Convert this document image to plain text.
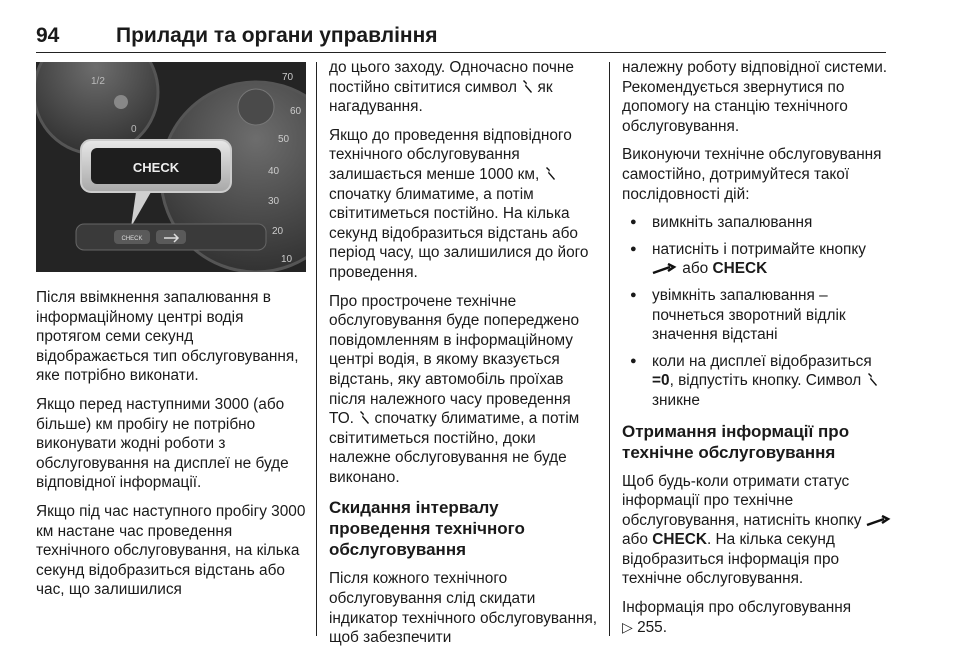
94	Прилади та органи управління
1/2
0
70
60
50
40
30
20
10
CHECK
CHECK

Після ввімкнення запалювання в інформаційному центрі водія протягом семи секунд відображається тип обслуговування, яке потрібно виконати.

Якщо перед наступними 3000 (або більше) км пробігу не потрібно виконувати жодні роботи з обслуговування на дисплеї не буде відповідної інформації.

Якщо під час наступного пробігу 3000 км настане час проведення технічного обслуговування, на кілька секунд відобразиться відстань або час, що залишилися

до цього заходу. Одночасно почне постійно світитися символ як нагадування.

Якщо до проведення відповідного технічного обслуговування залишається менше 1000 км,  спочатку блиматиме, а потім світитиметься постійно. На кілька секунд відобразиться відстань або період часу, що залишилися до його проведення.

Про прострочене технічне обслуговування буде попереджено повідомленням в інформаційному центрі водія, в якому вказується відстань, яку автомобіль проїхав після належного часу проведення ТО. спочатку блиматиме, а потім світитиметься постійно, доки належне обслуговування не буде виконано.

Скидання інтервалу проведення технічного обслуговування

Після кожного технічного обслуговування слід скидати індикатор технічного обслуговування, щоб забезпечити

належну роботу відповідної системи. Рекомендується звернутися по допомогу на станцію технічного обслуговування.

Виконуючи технічне обслуговування самостійно, дотримуйтеся такої послідовності дій:

● вимкніть запалювання
● натисніть і потримайте кнопку  або CHECK
● увімкніть запалювання – почнеться зворотний відлік значення відстані
● коли на дисплеї відобразиться =0, відпустіть кнопку. Символ  зникне
Отримання інформації про технічне обслуговування

Щоб будь-коли отримати статус інформації про технічне обслуговування, натисніть кнопку  або CHECK. На кілька секунд відобразиться інформація про технічне обслуговування.

Інформація про обслуговування
▷ 255.
